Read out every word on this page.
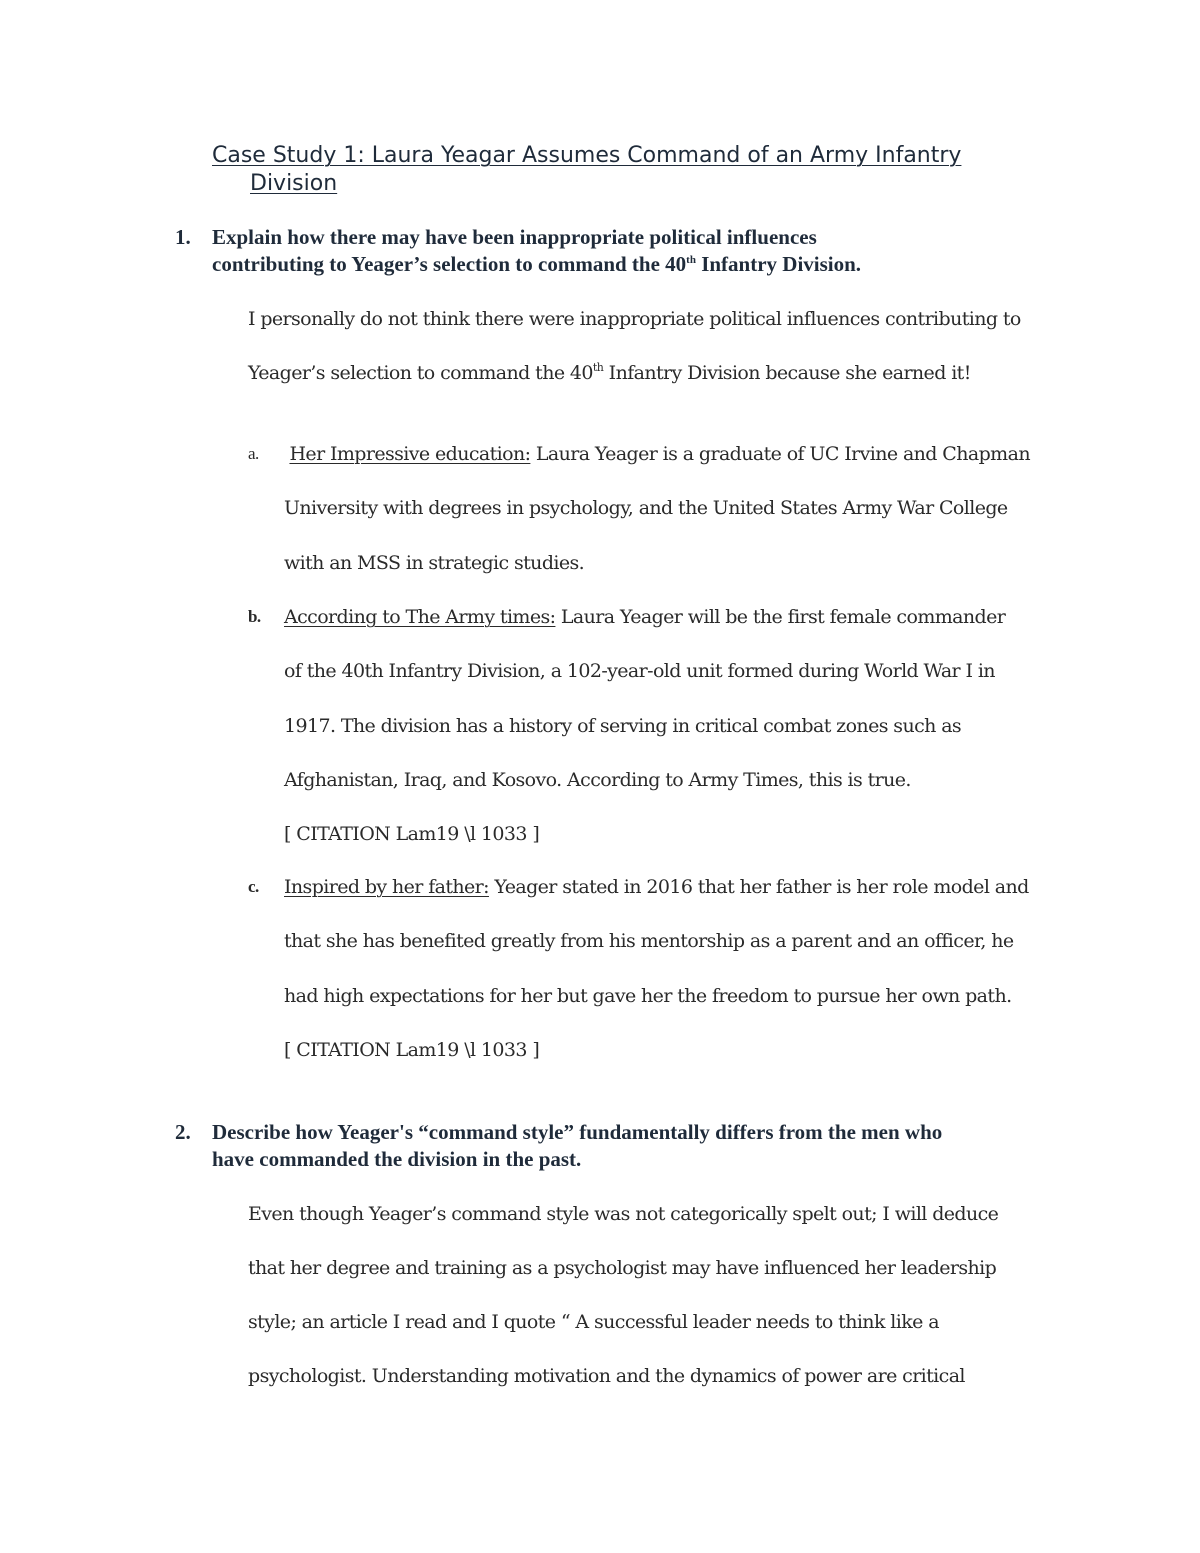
Case Study 1: Laura Yeagar Assumes Command of an Army Infantry
Division
1. Explain how there may have been inappropriate political influences
contributing to Yeager’s selection to command the 40th Infantry Division.
I personally do not think there were inappropriate political influences contributing to
Yeager’s selection to command the 40th Infantry Division because she earned it!
a. Her Impressive education: Laura Yeager is a graduate of UC Irvine and Chapman
University with degrees in psychology, and the United States Army War College
with an MSS in strategic studies.
b. According to The Army times: Laura Yeager will be the first female commander
of the 40th Infantry Division, a 102-year-old unit formed during World War I in
1917. The division has a history of serving in critical combat zones such as
Afghanistan, Iraq, and Kosovo. According to Army Times, this is true.
[ CITATION Lam19 \l 1033 ]
c. Inspired by her father: Yeager stated in 2016 that her father is her role model and
that she has benefited greatly from his mentorship as a parent and an officer, he
had high expectations for her but gave her the freedom to pursue her own path.
[ CITATION Lam19 \l 1033 ]
2. Describe how Yeager's “command style” fundamentally differs from the men who
have commanded the division in the past.
Even though Yeager’s command style was not categorically spelt out; I will deduce
that her degree and training as a psychologist may have influenced her leadership
style; an article I read and I quote “ A successful leader needs to think like a
psychologist. Understanding motivation and the dynamics of power are critical
